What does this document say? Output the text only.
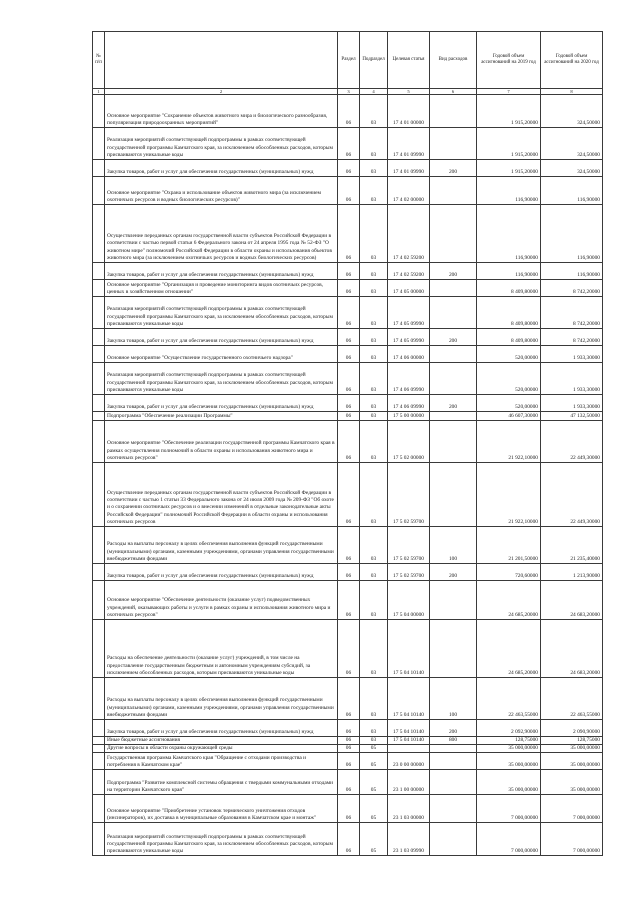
№ п/п		Раздел	Подраздел	Целевая статья	Вид расходов	Годовой объем ассигнований на 2019 год	Годовой объем ассигнований на 2020 год
1	2	3	4	5	6	7	8
	Основное мероприятие "Сохранение объектов животного мира и биологического разнообразия, популяризация природоохранных мероприятий"	06	03	17 4 01 00000		1 915,20000	324,50000
	Реализация мероприятий соответствующей подпрограммы в рамках соответствующей государственной программы Камчатского края, за исключением обособленных расходов, которым присваиваются уникальные коды	06	03	17 4 01 09990		1 915,20000	324,50000
	Закупка товаров, работ и услуг для обеспечения государственных (муниципальных) нужд	06	03	17 4 01 09990	200	1 915,20000	324,50000
	Основное мероприятие "Охрана и использование объектов животного мира (за исключением охотничьих ресурсов и водных биологических ресурсов)"	06	03	17 4 02 00000		116,90000	116,90000
	Осуществление переданных органам государственной власти субъектов Российской Федерации в соответствии с частью первой статьи 6 Федерального закона от 24 апреля 1995 года № 52-ФЗ "О животном мире" полномочий Российской Федерации в области охраны и использования объектов животного мира (за исключением охотничьих ресурсов и водных биологических ресурсов)	06	03	17 4 02 59200		116,90000	116,90000
	Закупка товаров, работ и услуг для обеспечения государственных (муниципальных) нужд	06	03	17 4 02 59200	200	116,90000	116,90000
	Основное мероприятие "Организация и проведение мониторинга видов охотничьих ресурсов, ценных в хозяйственном отношении"	06	03	17 4 05 00000		8 409,80000	8 742,20000
	Реализация мероприятий соответствующей подпрограммы в рамках соответствующей государственной программы Камчатского края, за исключением обособленных расходов, которым присваиваются уникальные коды	06	03	17 4 05 09990		8 409,80000	8 742,20000
	Закупка товаров, работ и услуг для обеспечения государственных (муниципальных) нужд	06	03	17 4 05 09990	200	8 409,80000	8 742,20000
	Основное мероприятие "Осуществление государственного охотничьего надзора"	06	03	17 4 06 00000		520,00000	1 933,30000
	Реализация мероприятий соответствующей подпрограммы в рамках соответствующей государственной программы Камчатского края, за исключением обособленных расходов, которым присваиваются уникальные коды	06	03	17 4 06 09990		520,00000	1 933,30000
	Закупка товаров, работ и услуг для обеспечения государственных (муниципальных) нужд	06	03	17 4 06 09990	200	520,00000	1 933,30000
	Подпрограмма "Обеспечение реализации Программы"	06	03	17 5 00 00000		46 607,30000	47 132,50000
	Основное мероприятие "Обеспечение реализации государственной программы Камчатского края в рамках осуществления полномочий в области охраны и использования животного мира и охотничьих ресурсов"	06	03	17 5 02 00000		21 922,10000	22 449,30000
	Осуществление переданных органам государственной власти субъектов Российской Федерации в соответствии с частью 1 статьи 33 Федерального закона от 24 июля 2009 года № 209-ФЗ "Об охоте и о сохранении охотничьих ресурсов и о внесении изменений в отдельные законодательные акты Российской Федерации" полномочий Российской Федерации в области охраны и использования охотничьих ресурсов	06	03	17 5 02 59700		21 922,10000	22 449,30000
	Расходы на выплаты персоналу в целях обеспечения выполнения функций государственными (муниципальными) органами, казенными учреждениями, органами управления государственными внебюджетными фондами	06	03	17 5 02 59700	100	21 201,50000	21 235,40000
	Закупка товаров, работ и услуг для обеспечения государственных (муниципальных) нужд	06	03	17 5 02 59700	200	720,60000	1 213,90000
	Основное мероприятие "Обеспечение деятельности (оказание услуг) подведомственных учреждений, оказывающих работы и услуги в рамках охраны и использования животного мира и охотничьих ресурсов"	06	03	17 5 04 00000		24 685,20000	24 683,20000
	Расходы на обеспечение деятельности (оказание услуг) учреждений, в том числе на предоставление государственным бюджетным и автономным учреждениям субсидий, за исключением обособленных расходов, которым присваиваются уникальные коды	06	03	17 5 04 10140		24 685,20000	24 683,20000
	Расходы на выплаты персоналу в целях обеспечения выполнения функций государственными (муниципальными) органами, казенными учреждениями, органами управления государственными внебюджетными фондами	06	03	17 5 04 10140	100	22 463,55000	22 463,55000
	Закупка товаров, работ и услуг для обеспечения государственных (муниципальных) нужд	06	03	17 5 04 10140	200	2 092,90000	2 090,90000
	Иные бюджетные ассигнования	06	03	17 5 04 10140	800	128,75000	128,75000
	Другие вопросы в области охраны окружающей среды	06	05			35 000,00000	35 000,00000
	Государственная программа Камчатского края "Обращение с отходами производства и потребления в Камчатском крае"	06	05	23 0 00 00000		35 000,00000	35 000,00000
	Подпрограмма "Развитие комплексной системы обращения с твердыми коммунальными отходами на территории Камчатского края"	06	05	23 1 00 00000		35 000,00000	35 000,00000
	Основное мероприятие "Приобретение установок термического уничтожения отходов (инсинераторов), их доставка в муниципальные образования в Камчатском крае и монтаж"	06	05	23 1 03 00000		7 000,00000	7 000,00000
	Реализация мероприятий соответствующей подпрограммы в рамках соответствующей государственной программы Камчатского края, за исключением обособленных расходов, которым присваиваются уникальные коды	06	05	23 1 03 09990		7 000,00000	7 000,00000
